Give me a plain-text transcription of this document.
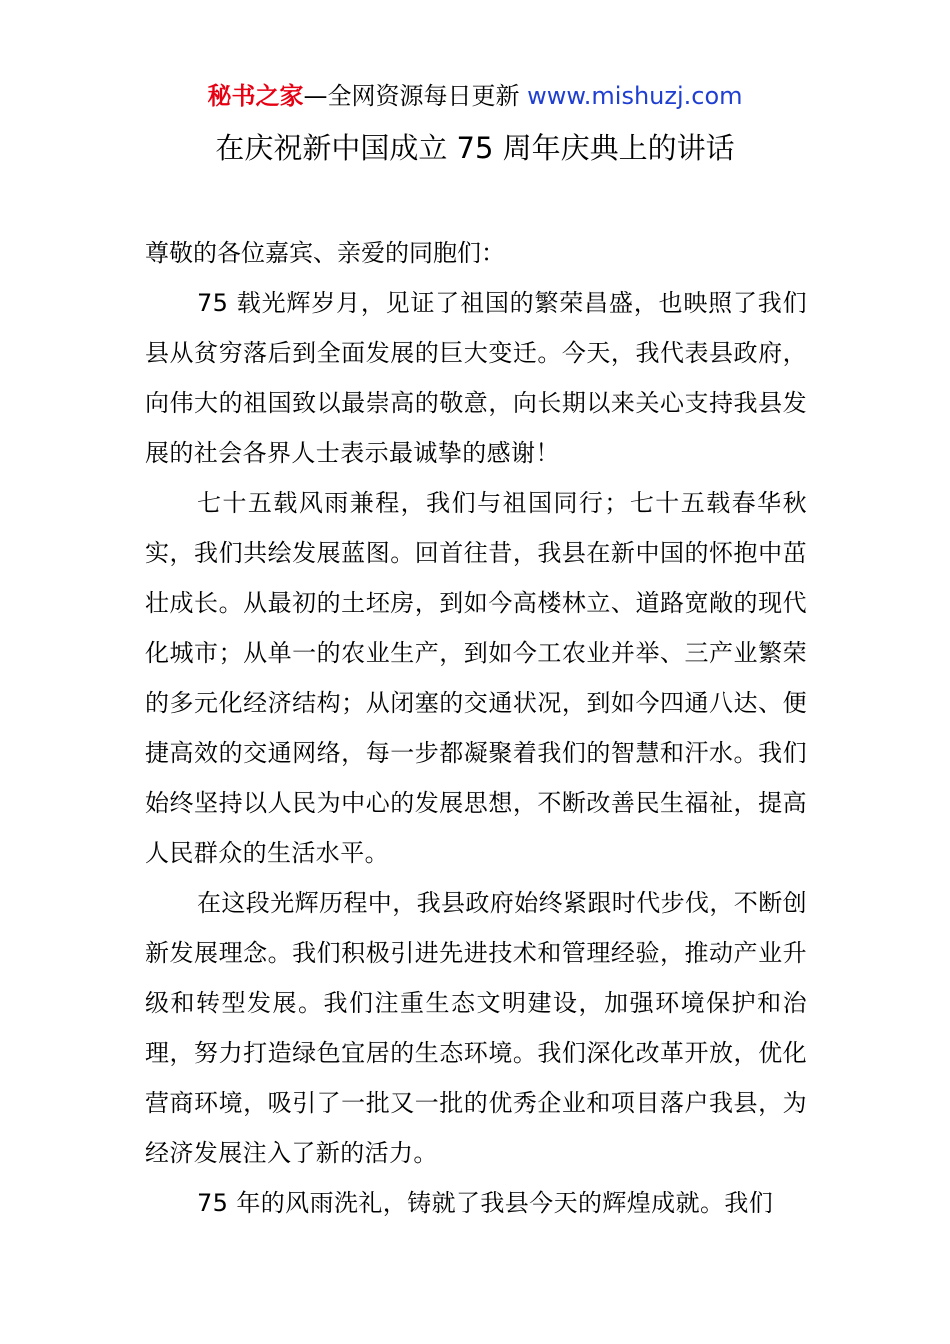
秘书之家—全网资源每日更新 www.mishuzj.com
在庆祝新中国成立 75 周年庆典上的讲话

尊敬的各位嘉宾、亲爱的同胞们：

75 载光辉岁月，见证了祖国的繁荣昌盛，也映照了我们县从贫穷落后到全面发展的巨大变迁。今天，我代表县政府，向伟大的祖国致以最崇高的敬意，向长期以来关心支持我县发展的社会各界人士表示最诚挚的感谢！

七十五载风雨兼程，我们与祖国同行；七十五载春华秋实，我们共绘发展蓝图。回首往昔，我县在新中国的怀抱中茁壮成长。从最初的土坯房，到如今高楼林立、道路宽敞的现代化城市；从单一的农业生产，到如今工农业并举、三产业繁荣的多元化经济结构；从闭塞的交通状况，到如今四通八达、便捷高效的交通网络，每一步都凝聚着我们的智慧和汗水。我们始终坚持以人民为中心的发展思想，不断改善民生福祉，提高人民群众的生活水平。

在这段光辉历程中，我县政府始终紧跟时代步伐，不断创新发展理念。我们积极引进先进技术和管理经验，推动产业升级和转型发展。我们注重生态文明建设，加强环境保护和治理，努力打造绿色宜居的生态环境。我们深化改革开放，优化营商环境，吸引了一批又一批的优秀企业和项目落户我县，为经济发展注入了新的活力。

75 年的风雨洗礼，铸就了我县今天的辉煌成就。我们
